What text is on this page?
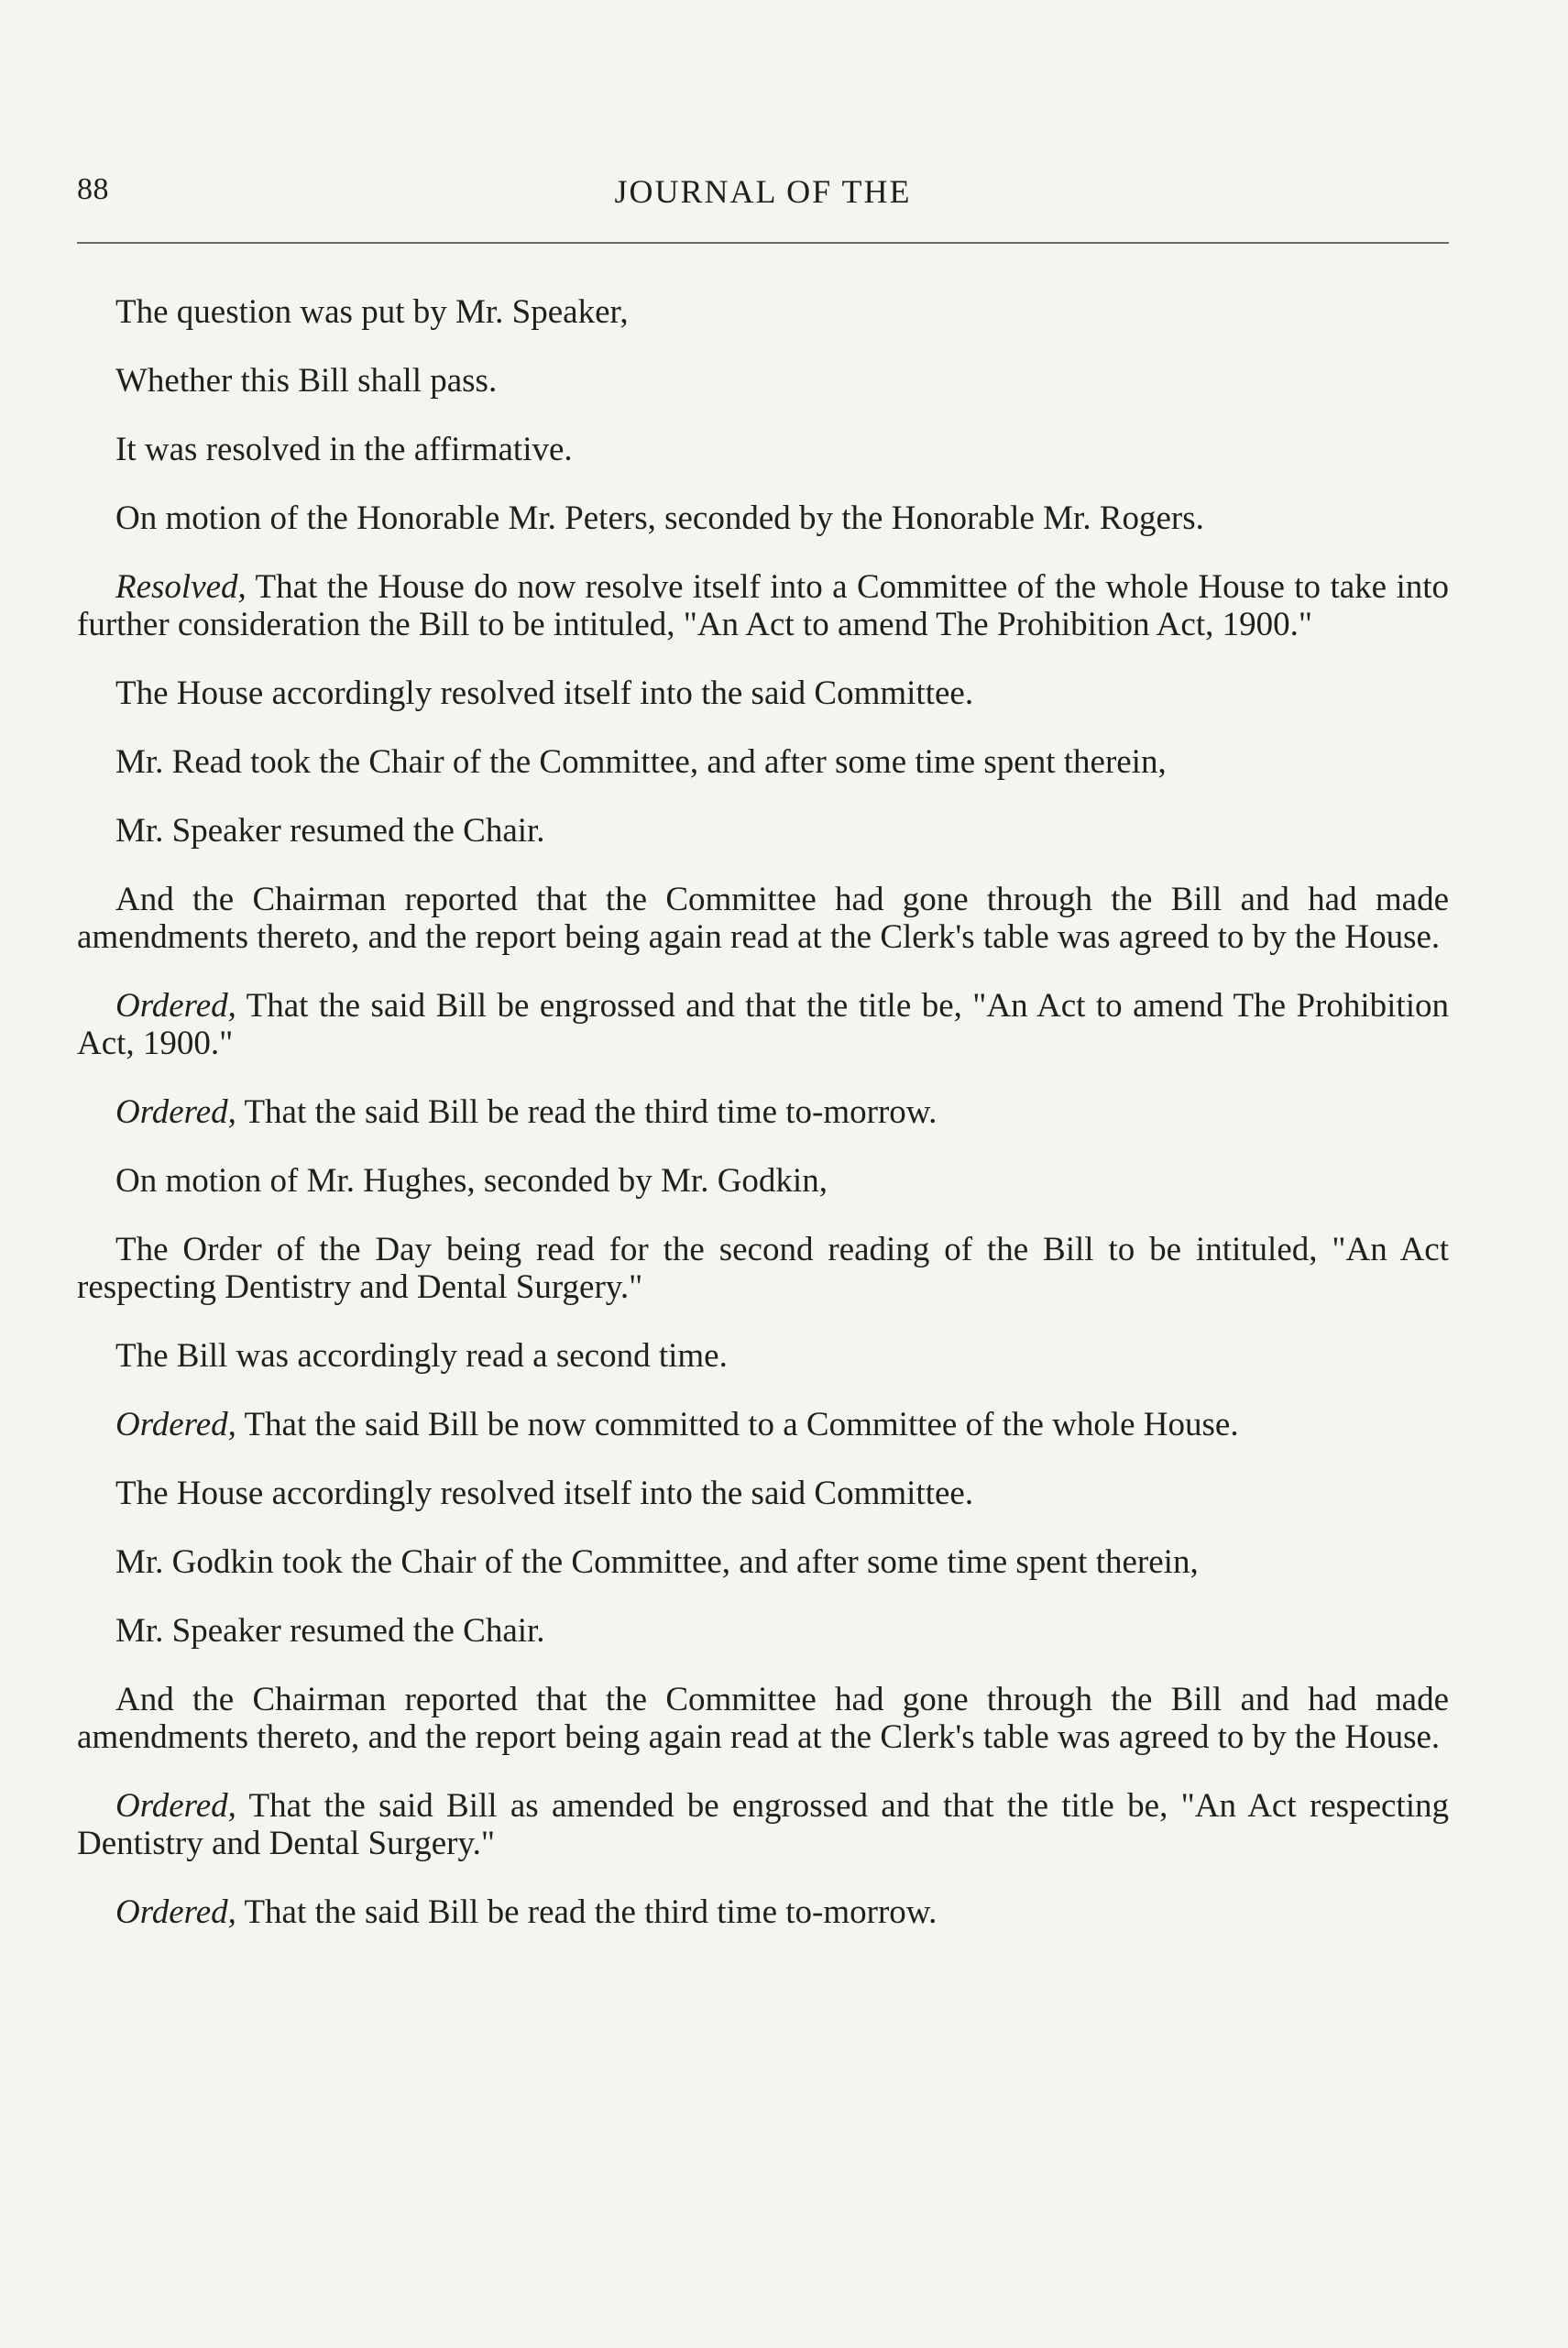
88	JOURNAL OF THE

The question was put by Mr. Speaker,

Whether this Bill shall pass.

It was resolved in the affirmative.

On motion of the Honorable Mr. Peters, seconded by the Honorable Mr. Rogers.

Resolved, That the House do now resolve itself into a Committee of the whole House to take into further consideration the Bill to be intituled, "An Act to amend The Prohibition Act, 1900."

The House accordingly resolved itself into the said Committee.

Mr. Read took the Chair of the Committee, and after some time spent therein,

Mr. Speaker resumed the Chair.

And the Chairman reported that the Committee had gone through the Bill and had made amendments thereto, and the report being again read at the Clerk's table was agreed to by the House.

Ordered, That the said Bill be engrossed and that the title be, "An Act to amend The Prohibition Act, 1900."

Ordered, That the said Bill be read the third time to-morrow.

On motion of Mr. Hughes, seconded by Mr. Godkin,

The Order of the Day being read for the second reading of the Bill to be intituled, "An Act respecting Dentistry and Dental Surgery."

The Bill was accordingly read a second time.

Ordered, That the said Bill be now committed to a Committee of the whole House.

The House accordingly resolved itself into the said Committee.

Mr. Godkin took the Chair of the Committee, and after some time spent therein,

Mr. Speaker resumed the Chair.

And the Chairman reported that the Committee had gone through the Bill and had made amendments thereto, and the report being again read at the Clerk's table was agreed to by the House.

Ordered, That the said Bill as amended be engrossed and that the title be, "An Act respecting Dentistry and Dental Surgery."

Ordered, That the said Bill be read the third time to-morrow.
